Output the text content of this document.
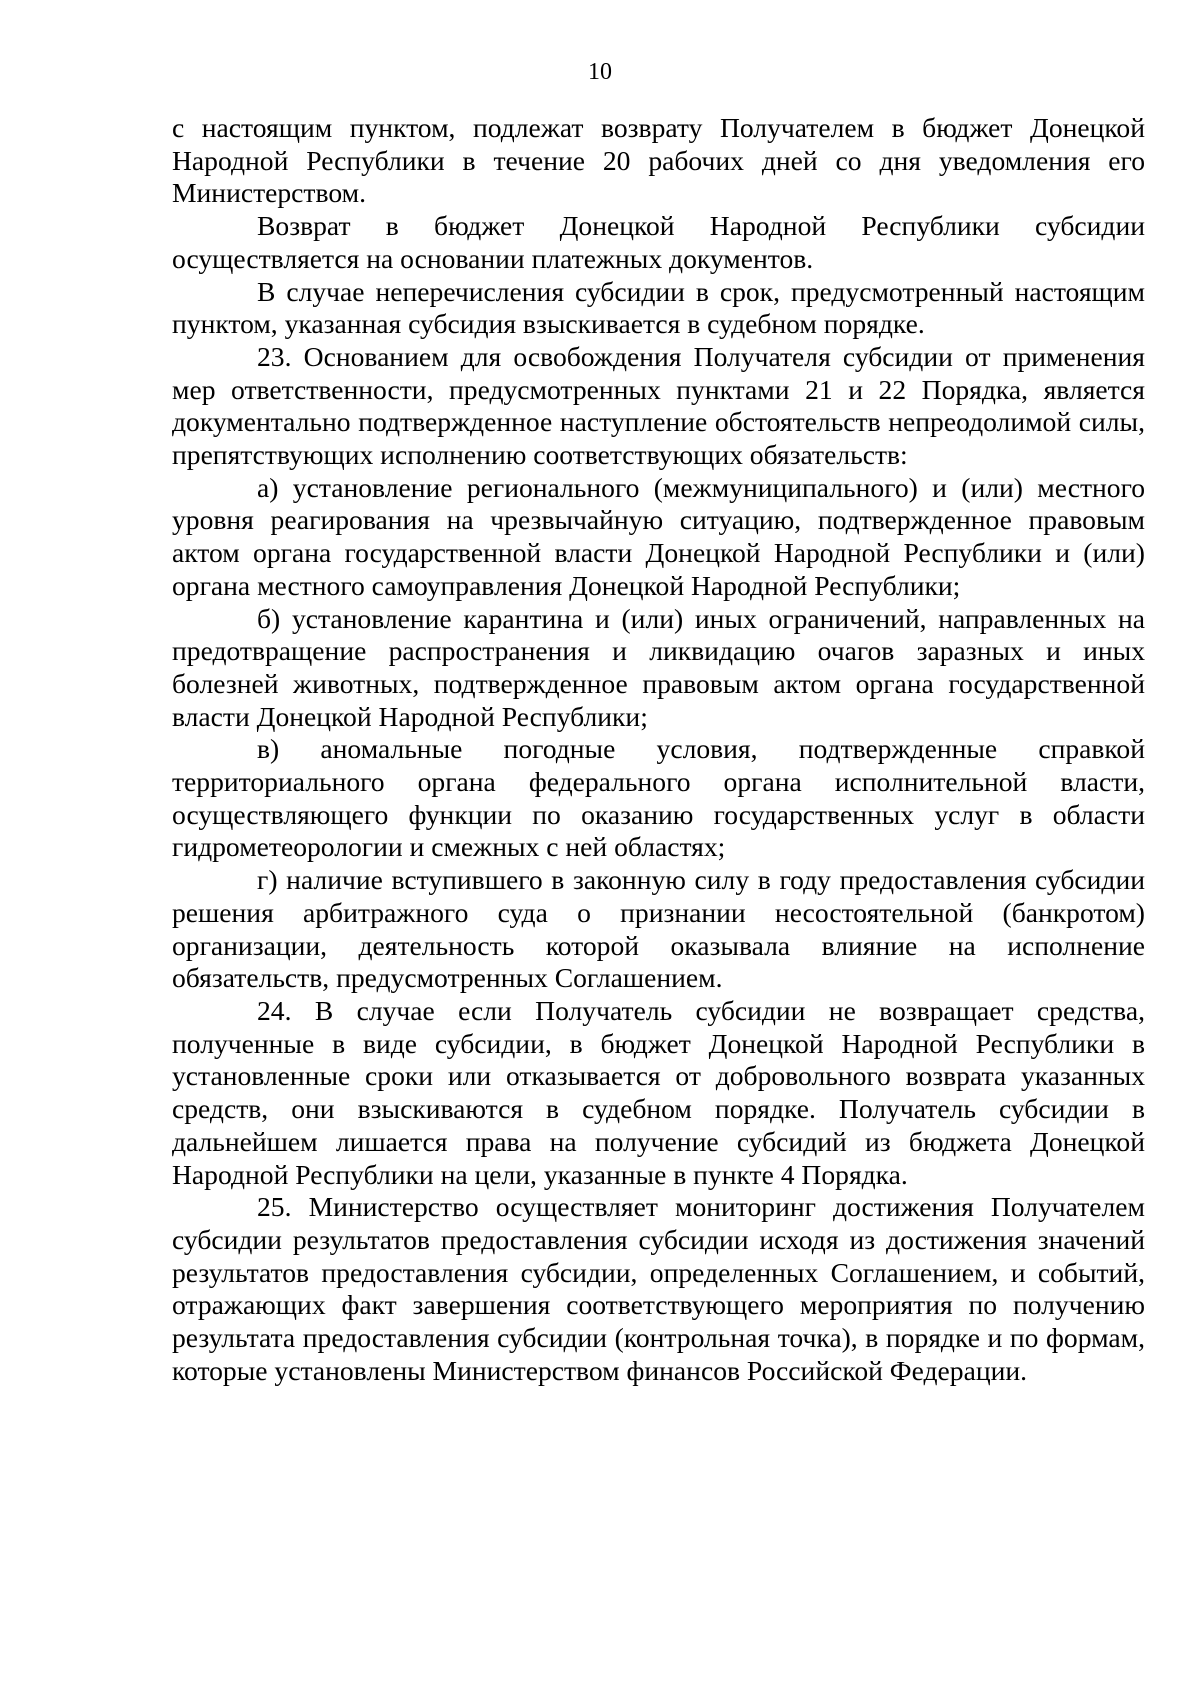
10

с настоящим пунктом, подлежат возврату Получателем в бюджет Донецкой Народной Республики в течение 20 рабочих дней со дня уведомления его Министерством.

Возврат в бюджет Донецкой Народной Республики субсидии осуществляется на основании платежных документов.

В случае неперечисления субсидии в срок, предусмотренный настоящим пунктом, указанная субсидия взыскивается в судебном порядке.

23. Основанием для освобождения Получателя субсидии от применения мер ответственности, предусмотренных пунктами 21 и 22 Порядка, является документально подтвержденное наступление обстоятельств непреодолимой силы, препятствующих исполнению соответствующих обязательств:

а) установление регионального (межмуниципального) и (или) местного уровня реагирования на чрезвычайную ситуацию, подтвержденное правовым актом органа государственной власти Донецкой Народной Республики и (или) органа местного самоуправления Донецкой Народной Республики;

б) установление карантина и (или) иных ограничений, направленных на предотвращение распространения и ликвидацию очагов заразных и иных болезней животных, подтвержденное правовым актом органа государственной власти Донецкой Народной Республики;

в) аномальные погодные условия, подтвержденные справкой территориального органа федерального органа исполнительной власти, осуществляющего функции по оказанию государственных услуг в области гидрометеорологии и смежных с ней областях;

г) наличие вступившего в законную силу в году предоставления субсидии решения арбитражного суда о признании несостоятельной (банкротом) организации, деятельность которой оказывала влияние на исполнение обязательств, предусмотренных Соглашением.

24. В случае если Получатель субсидии не возвращает средства, полученные в виде субсидии, в бюджет Донецкой Народной Республики в установленные сроки или отказывается от добровольного возврата указанных средств, они взыскиваются в судебном порядке. Получатель субсидии в дальнейшем лишается права на получение субсидий из бюджета Донецкой Народной Республики на цели, указанные в пункте 4 Порядка.

25. Министерство осуществляет мониторинг достижения Получателем субсидии результатов предоставления субсидии исходя из достижения значений результатов предоставления субсидии, определенных Соглашением, и событий, отражающих факт завершения соответствующего мероприятия по получению результата предоставления субсидии (контрольная точка), в порядке и по формам, которые установлены Министерством финансов Российской Федерации.
